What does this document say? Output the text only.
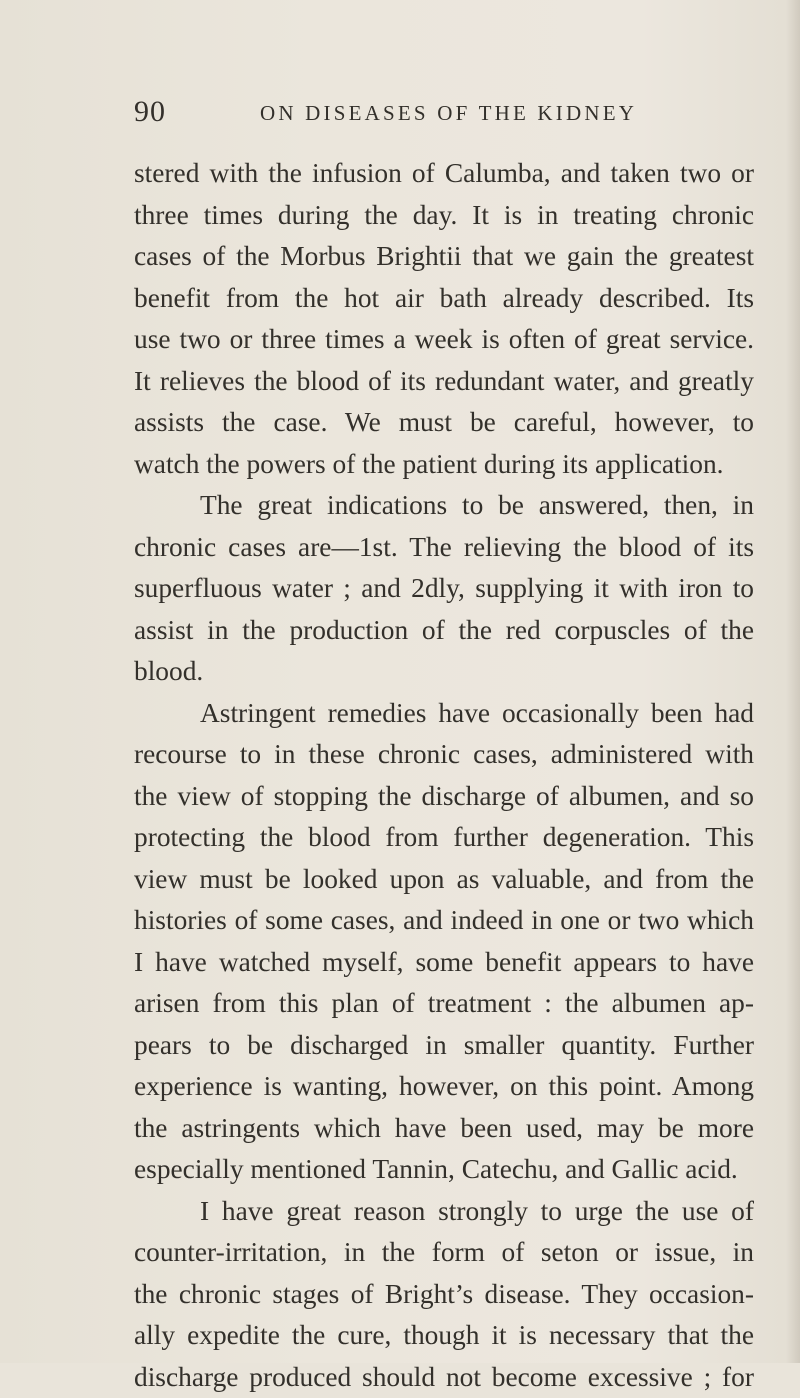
90	ON DISEASES OF THE KIDNEY
stered with the infusion of Calumba, and taken two or
three times during the day. It is in treating chronic
cases of the Morbus Brightii that we gain the greatest
benefit from the hot air bath already described. Its
use two or three times a week is often of great service.
It relieves the blood of its redundant water, and greatly
assists the case. We must be careful, however, to
watch the powers of the patient during its application.
The great indications to be answered, then, in
chronic cases are—1st. The relieving the blood of its
superfluous water ; and 2dly, supplying it with iron to
assist in the production of the red corpuscles of the
blood.
Astringent remedies have occasionally been had
recourse to in these chronic cases, administered with
the view of stopping the discharge of albumen, and so
protecting the blood from further degeneration. This
view must be looked upon as valuable, and from the
histories of some cases, and indeed in one or two which
I have watched myself, some benefit appears to have
arisen from this plan of treatment : the albumen ap-
pears to be discharged in smaller quantity. Further
experience is wanting, however, on this point. Among
the astringents which have been used, may be more
especially mentioned Tannin, Catechu, and Gallic acid.
I have great reason strongly to urge the use of
counter-irritation, in the form of seton or issue, in
the chronic stages of Bright’s disease. They occasion-
ally expedite the cure, though it is necessary that the
discharge produced should not become excessive ; for
